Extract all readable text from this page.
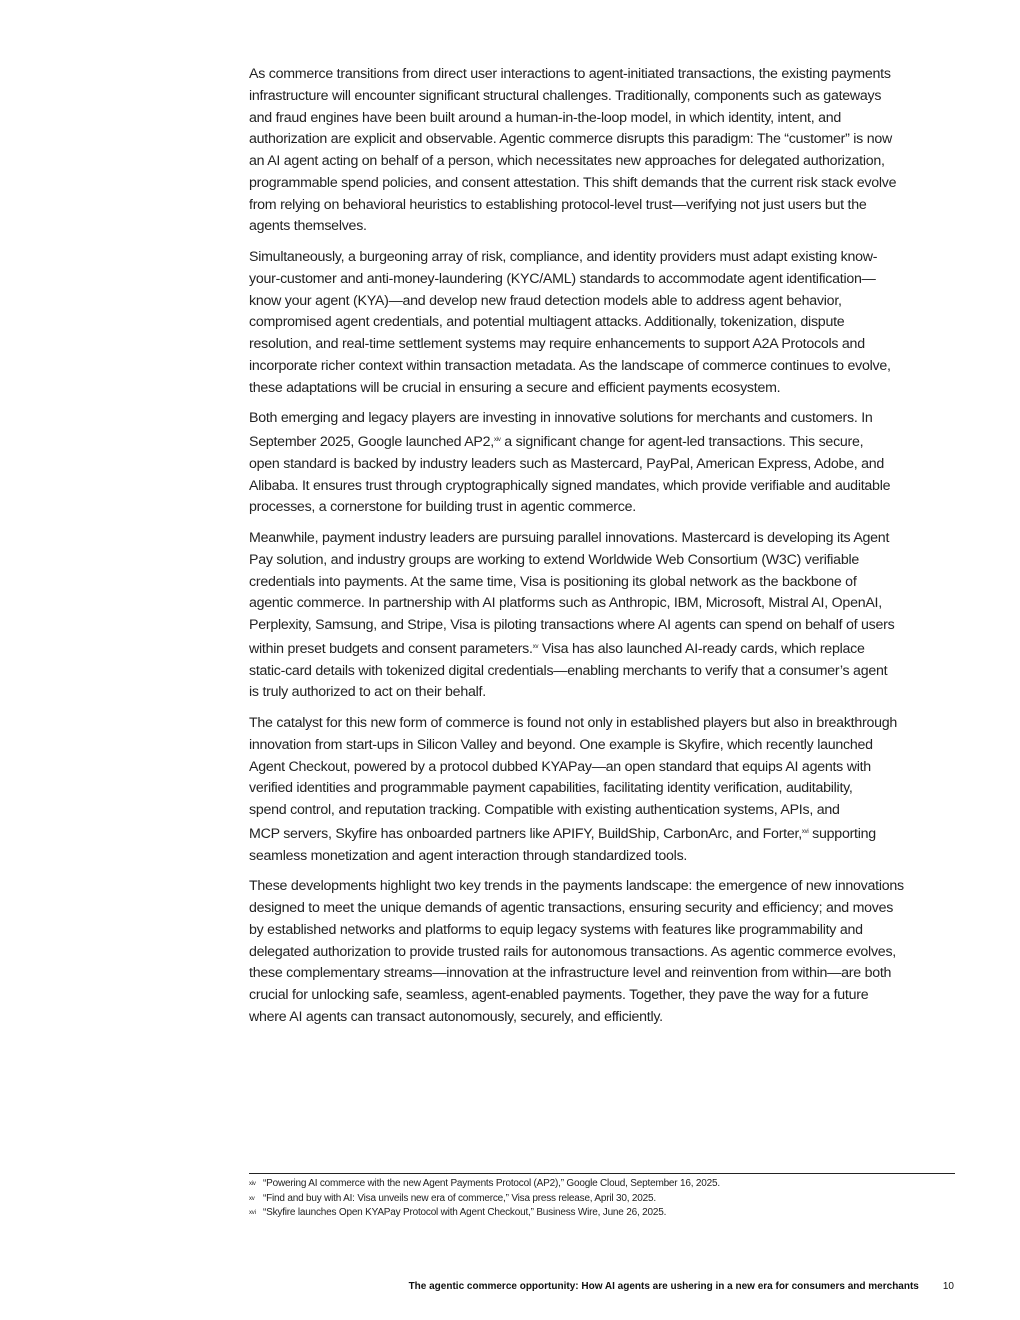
As commerce transitions from direct user interactions to agent-initiated transactions, the existing payments
infrastructure will encounter significant structural challenges. Traditionally, components such as gateways
and fraud engines have been built around a human-in-the-loop model, in which identity, intent, and
authorization are explicit and observable. Agentic commerce disrupts this paradigm: The “customer” is now
an AI agent acting on behalf of a person, which necessitates new approaches for delegated authorization,
programmable spend policies, and consent attestation. This shift demands that the current risk stack evolve
from relying on behavioral heuristics to establishing protocol-level trust—verifying not just users but the
agents themselves.

Simultaneously, a burgeoning array of risk, compliance, and identity providers must adapt existing know-
your-customer and anti-money-laundering (KYC/AML) standards to accommodate agent identification—
know your agent (KYA)—and develop new fraud detection models able to address agent behavior,
compromised agent credentials, and potential multiagent attacks. Additionally, tokenization, dispute
resolution, and real-time settlement systems may require enhancements to support A2A Protocols and
incorporate richer context within transaction metadata. As the landscape of commerce continues to evolve,
these adaptations will be crucial in ensuring a secure and efficient payments ecosystem.

Both emerging and legacy players are investing in innovative solutions for merchants and customers. In
September 2025, Google launched AP2,$^{xiv}$ a significant change for agent-led transactions. This secure,
open standard is backed by industry leaders such as Mastercard, PayPal, American Express, Adobe, and
Alibaba. It ensures trust through cryptographically signed mandates, which provide verifiable and auditable
processes, a cornerstone for building trust in agentic commerce.

Meanwhile, payment industry leaders are pursuing parallel innovations. Mastercard is developing its Agent
Pay solution, and industry groups are working to extend Worldwide Web Consortium (W3C) verifiable
credentials into payments. At the same time, Visa is positioning its global network as the backbone of
agentic commerce. In partnership with AI platforms such as Anthropic, IBM, Microsoft, Mistral AI, OpenAI,
Perplexity, Samsung, and Stripe, Visa is piloting transactions where AI agents can spend on behalf of users
within preset budgets and consent parameters.$^{xv}$ Visa has also launched AI-ready cards, which replace
static-card details with tokenized digital credentials—enabling merchants to verify that a consumer’s agent
is truly authorized to act on their behalf.

The catalyst for this new form of commerce is found not only in established players but also in breakthrough
innovation from start-ups in Silicon Valley and beyond. One example is Skyfire, which recently launched
Agent Checkout, powered by a protocol dubbed KYAPay—an open standard that equips AI agents with
verified identities and programmable payment capabilities, facilitating identity verification, auditability,
spend control, and reputation tracking. Compatible with existing authentication systems, APIs, and
MCP servers, Skyfire has onboarded partners like APIFY, BuildShip, CarbonArc, and Forter,$^{xvi}$ supporting
seamless monetization and agent interaction through standardized tools.

These developments highlight two key trends in the payments landscape: the emergence of new innovations
designed to meet the unique demands of agentic transactions, ensuring security and efficiency; and moves
by established networks and platforms to equip legacy systems with features like programmability and
delegated authorization to provide trusted rails for autonomous transactions. As agentic commerce evolves,
these complementary streams—innovation at the infrastructure level and reinvention from within—are both
crucial for unlocking safe, seamless, agent-enabled payments. Together, they pave the way for a future
where AI agents can transact autonomously, securely, and efficiently.

xiv “Powering AI commerce with the new Agent Payments Protocol (AP2),” Google Cloud, September 16, 2025.
xv “Find and buy with AI: Visa unveils new era of commerce,” Visa press release, April 30, 2025.
xvi “Skyfire launches Open KYAPay Protocol with Agent Checkout,” Business Wire, June 26, 2025.
The agentic commerce opportunity: How AI agents are ushering in a new era for consumers and merchants 10
